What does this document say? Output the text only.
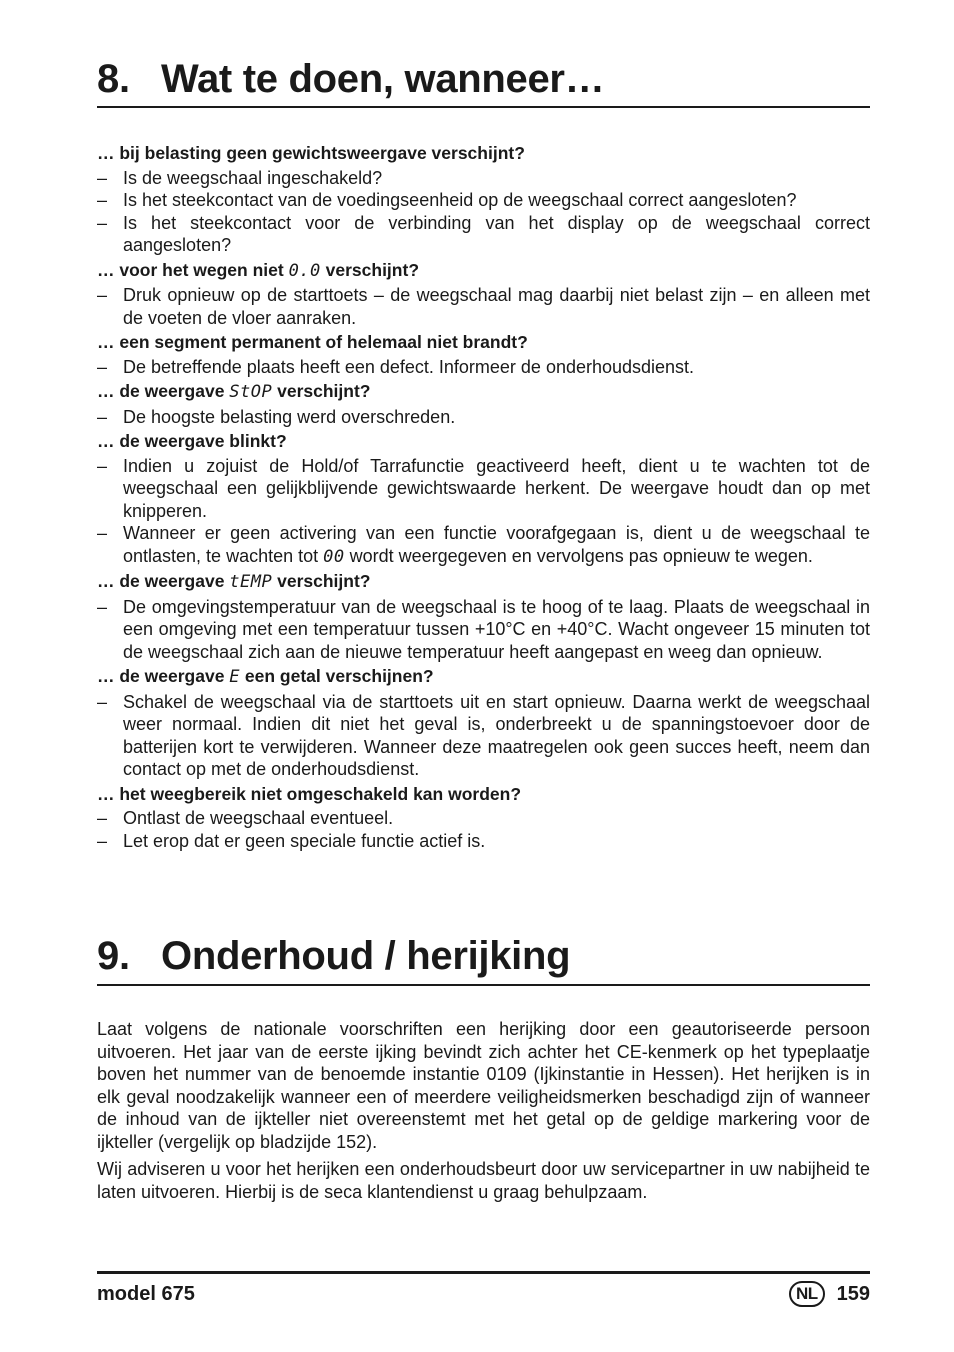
8. Wat te doen, wanneer…
… bij belasting geen gewichtsweergave verschijnt?
– Is de weegschaal ingeschakeld?
– Is het steekcontact van de voedingseenheid op de weegschaal correct aangesloten?
– Is het steekcontact voor de verbinding van het display op de weegschaal correct aangesloten?
… voor het wegen niet 0.0 verschijnt?
– Druk opnieuw op de starttoets – de weegschaal mag daarbij niet belast zijn – en alleen met de voeten de vloer aanraken.
… een segment permanent of helemaal niet brandt?
– De betreffende plaats heeft een defect. Informeer de onderhoudsdienst.
… de weergave StOP verschijnt?
– De hoogste belasting werd overschreden.
… de weergave blinkt?
– Indien u zojuist de Hold/of Tarrafunctie geactiveerd heeft, dient u te wachten tot de weegschaal een gelijkblijvende gewichtswaarde herkent. De weergave houdt dan op met knipperen.
– Wanneer er geen activering van een functie voorafgegaan is, dient u de weegschaal te ontlasten, te wachten tot 00 wordt weergegeven en vervolgens pas opnieuw te wegen.
… de weergave tEMP verschijnt?
– De omgevingstemperatuur van de weegschaal is te hoog of te laag. Plaats de weegschaal in een omgeving met een temperatuur tussen +10°C en +40°C. Wacht ongeveer 15 minuten tot de weegschaal zich aan de nieuwe temperatuur heeft aangepast en weeg dan opnieuw.
… de weergave E een getal verschijnen?
– Schakel de weegschaal via de starttoets uit en start opnieuw. Daarna werkt de weegschaal weer normaal. Indien dit niet het geval is, onderbreekt u de spanningstoevoer door de batterijen kort te verwijderen. Wanneer deze maatregelen ook geen succes heeft, neem dan contact op met de onderhoudsdienst.
… het weegbereik niet omgeschakeld kan worden?
– Ontlast de weegschaal eventueel.
– Let erop dat er geen speciale functie actief is.
9. Onderhoud / herijking

Laat volgens de nationale voorschriften een herijking door een geautoriseerde persoon uitvoeren. Het jaar van de eerste ijking bevindt zich achter het CE-kenmerk op het typeplaatje boven het nummer van de benoemde instantie 0109 (Ijkinstantie in Hessen). Het herijken is in elk geval noodzakelijk wanneer een of meerdere veiligheidsmerken beschadigd zijn of wanneer de inhoud van de ijkteller niet overeenstemt met het getal op de geldige markering voor de ijkteller (vergelijk op bladzijde 152).

Wij adviseren u voor het herijken een onderhoudsbeurt door uw servicepartner in uw nabijheid te laten uitvoeren. Hierbij is de seca klantendienst u graag behulpzaam.

model 675	NL 159
